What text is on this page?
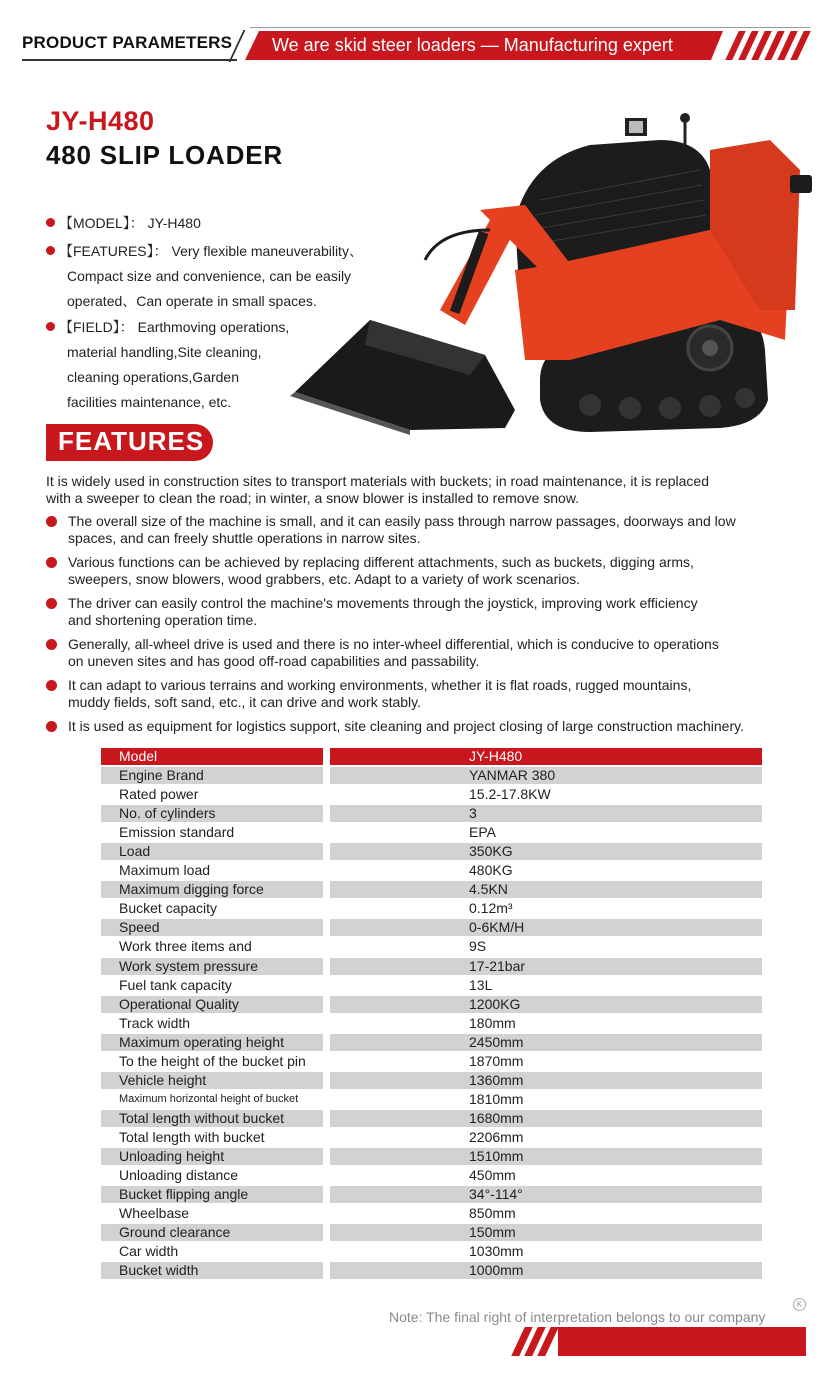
PRODUCT PARAMETERS We are skid steer loaders — Manufacturing expert
JY-H480
480 SLIP LOADER
【MODEL】： JY-H480
【FEATURES】： Very flexible maneuverability、
Compact size and convenience, can be easily
operated、Can operate in small spaces.
【FIELD】： Earthmoving operations,
material handling,Site cleaning,
cleaning operations,Garden
facilities maintenance, etc.
FEATURES
It is widely used in construction sites to transport materials with buckets; in road maintenance, it is replaced
with a sweeper to clean the road; in winter, a snow blower is installed to remove snow.
The overall size of the machine is small, and it can easily pass through narrow passages, doorways and low
spaces, and can freely shuttle operations in narrow sites.
Various functions can be achieved by replacing different attachments, such as buckets, digging arms,
sweepers, snow blowers, wood grabbers, etc. Adapt to a variety of work scenarios.
The driver can easily control the machine's movements through the joystick, improving work efficiency
and shortening operation time.
Generally, all-wheel drive is used and there is no inter-wheel differential, which is conducive to operations
on uneven sites and has good off-road capabilities and passability.
It can adapt to various terrains and working environments, whether it is flat roads, rugged mountains,
muddy fields, soft sand, etc., it can drive and work stably.
It is used as equipment for logistics support, site cleaning and project closing of large construction machinery.
Model	JY-H480
Engine Brand	YANMAR 380
Rated power	15.2-17.8KW
No. of cylinders	3
Emission standard	EPA
Load	350KG
Maximum load	480KG
Maximum digging force	4.5KN
Bucket capacity	0.12m³
Speed	0-6KM/H
Work three items and	9S
Work system pressure	17-21bar
Fuel tank capacity	13L
Operational Quality	1200KG
Track width	180mm
Maximum operating height	2450mm
To the height of the bucket pin	1870mm
Vehicle height	1360mm
Maximum horizontal height of bucket	1810mm
Total length without bucket	1680mm
Total length with bucket	2206mm
Unloading height	1510mm
Unloading distance	450mm
Bucket flipping angle	34°-114°
Wheelbase	850mm
Ground clearance	150mm
Car width	1030mm
Bucket width	1000mm
Note: The final right of interpretation belongs to our company
K
